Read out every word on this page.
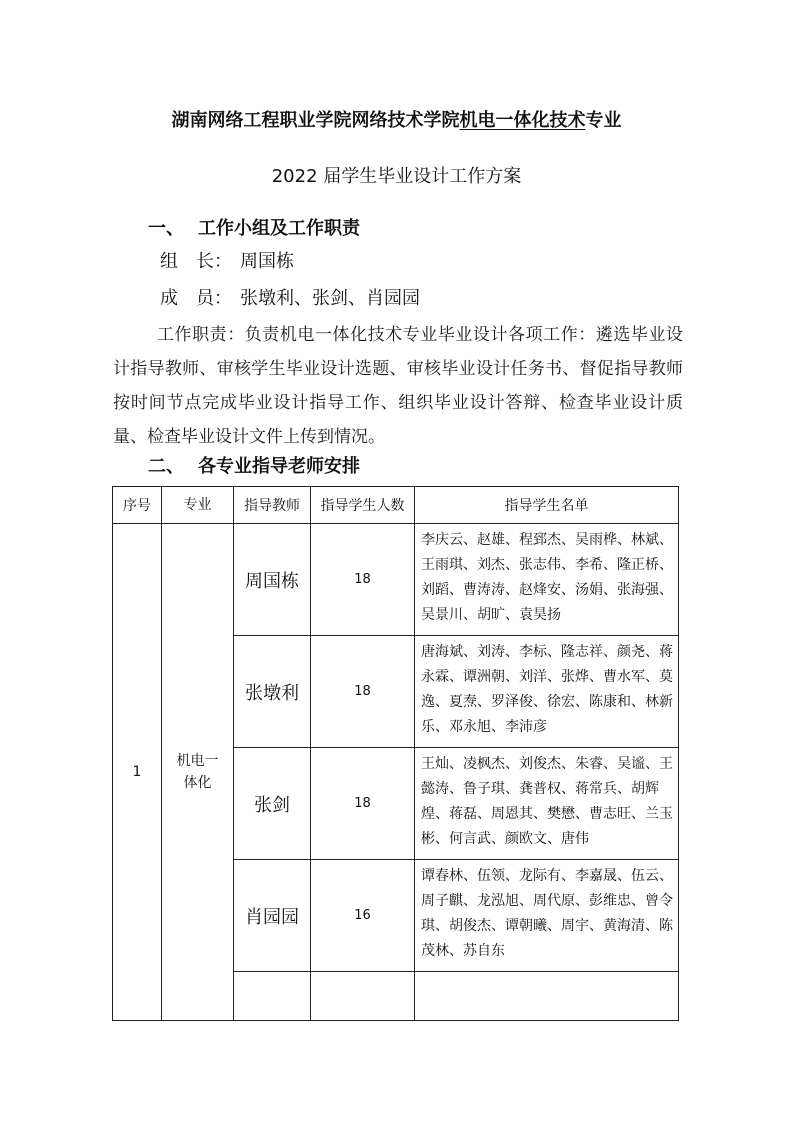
湖南网络工程职业学院网络技术学院机电一体化技术专业
2022 届学生毕业设计工作方案
一、 工作小组及工作职责
组　长： 周国栋
成　员： 张墩利、张剑、肖园园
工作职责：负责机电一体化技术专业毕业设计各项工作：遴选毕业设计指导教师、审核学生毕业设计选题、审核毕业设计任务书、督促指导教师按时间节点完成毕业设计指导工作、组织毕业设计答辩、检查毕业设计质量、检查毕业设计文件上传到情况。
二、 各专业指导老师安排
序号	专业	指导教师	指导学生人数	指导学生名单
1	机电一体化	周国栋	18	李庆云、赵雄、程郅杰、吴雨桦、林斌、王雨琪、刘杰、张志伟、李希、隆正桥、刘蹈、曹涛涛、赵烽安、汤娟、张海强、吴景川、胡旷、袁昊扬
		张墩利	18	唐海斌、刘涛、李标、隆志祥、颜尧、蒋永霖、谭洲朝、刘洋、张烨、曹水军、莫逸、夏焘、罗泽俊、徐宏、陈康和、林新乐、邓永旭、李沛彦
		张剑	18	王灿、凌枫杰、刘俊杰、朱睿、吴谧、王懿涛、鲁子琪、龚普权、蒋常兵、胡辉煌、蒋磊、周恩其、樊懋、曹志旺、兰玉彬、何言武、颜欧文、唐伟
		肖园园	16	谭春林、伍领、龙际有、李嘉晟、伍云、周子麒、龙泓旭、周代原、彭维忠、曾令琪、胡俊杰、谭朝曦、周宇、黄海清、陈茂林、苏自东
